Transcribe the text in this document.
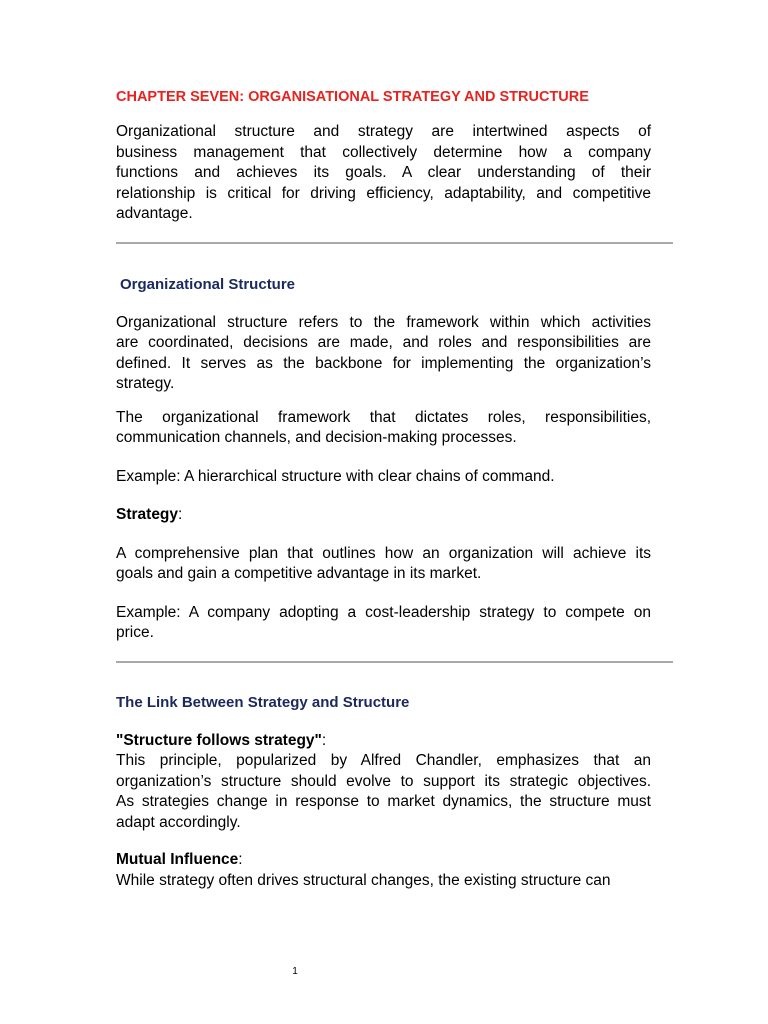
CHAPTER SEVEN: ORGANISATIONAL STRATEGY AND STRUCTURE

Organizational structure and strategy are intertwined aspects of

business management that collectively determine how a company

functions and achieves its goals. A clear understanding of their

relationship is critical for driving efficiency, adaptability, and competitive

advantage.

Organizational Structure

Organizational structure refers to the framework within which activities

are coordinated, decisions are made, and roles and responsibilities are

defined. It serves as the backbone for implementing the organization’s

strategy.

The organizational framework that dictates roles, responsibilities,

communication channels, and decision-making processes.

Example: A hierarchical structure with clear chains of command.

Strategy:

A comprehensive plan that outlines how an organization will achieve its

goals and gain a competitive advantage in its market.

Example: A company adopting a cost-leadership strategy to compete on

price.

The Link Between Strategy and Structure

"Structure follows strategy":

This principle, popularized by Alfred Chandler, emphasizes that an

organization’s structure should evolve to support its strategic objectives.

As strategies change in response to market dynamics, the structure must

adapt accordingly.

Mutual Influence:

While strategy often drives structural changes, the existing structure can

1
